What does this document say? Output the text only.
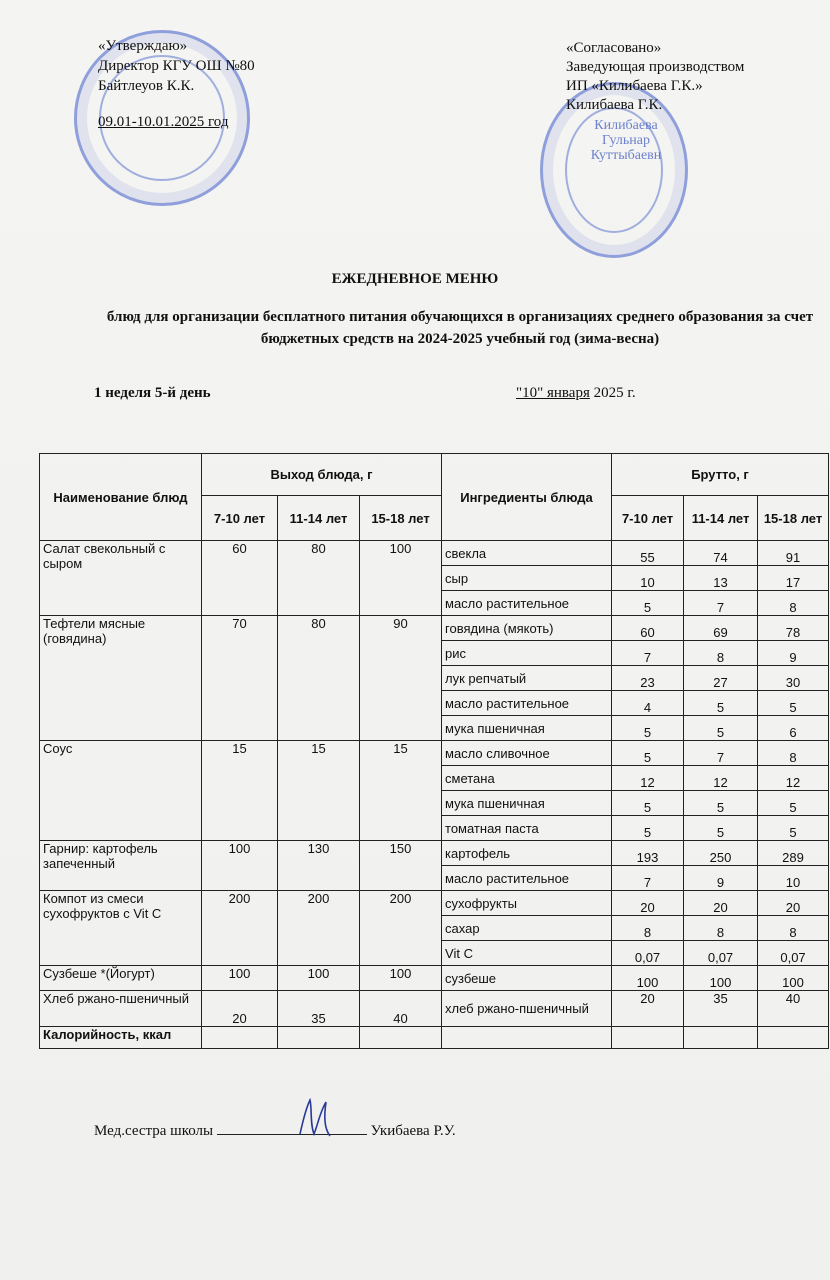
Килибаева
Гульнар
Куттыбаевн
«Утверждаю»
Директор КГУ ОШ №80
Байтлеуов К.К.
09.01-10.01.2025 год
«Согласовано»
Заведующая производством
ИП «Килибаева Г.К.»
Килибаева Г.К.
ЕЖЕДНЕВНОЕ МЕНЮ
блюд для организации бесплатного питания обучающихся в организациях среднего образования за счет бюджетных средств на 2024-2025 учебный год (зима-весна)
1 неделя 5-й день	"10" января 2025 г.
Наименование блюд	Выход блюда, г			Ингредиенты блюда	Брутто, г		
	7-10 лет	11-14 лет	15-18 лет		7-10 лет	11-14 лет	15-18 лет
Салат свекольный с сыром	60	80	100	свекла	55	74	91
				сыр	10	13	17
				масло растительное	5	7	8
Тефтели мясные (говядина)	70	80	90	говядина (мякоть)	60	69	78
				рис	7	8	9
				лук репчатый	23	27	30
				масло растительное	4	5	5
				мука пшеничная	5	5	6
Соус	15	15	15	масло сливочное	5	7	8
				сметана	12	12	12
				мука пшеничная	5	5	5
				томатная паста	5	5	5
Гарнир: картофель запеченный	100	130	150	картофель	193	250	289
				масло растительное	7	9	10
Компот из смеси сухофруктов с Vit C	200	200	200	сухофрукты	20	20	20
				сахар	8	8	8
				Vit C	0,07	0,07	0,07
Сузбеше *(Йогурт)	100	100	100	сузбеше	100	100	100
Хлеб ржано-пшеничный	20	35	40	хлеб ржано-пшеничный	20	35	40
Калорийность, ккал							
Мед.сестра школы	Укибаева Р.У.
